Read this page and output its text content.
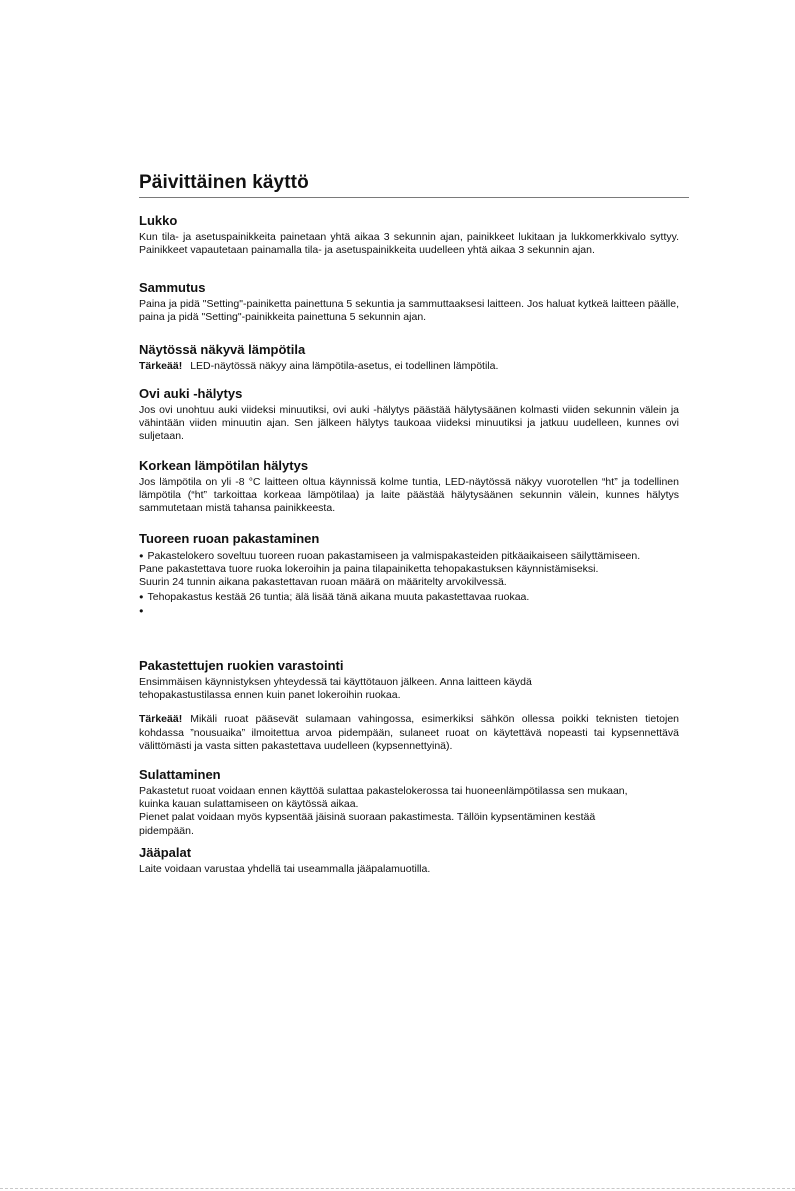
Päivittäinen käyttö
Lukko

Kun tila- ja asetuspainikkeita painetaan yhtä aikaa 3 sekunnin ajan, painikkeet lukitaan ja lukkomerkkivalo syttyy. Painikkeet vapautetaan painamalla tila- ja asetuspainikkeita uudelleen yhtä aikaa 3 sekunnin ajan.

Sammutus

Paina ja pidä "Setting"-painiketta painettuna 5 sekuntia ja sammuttaaksesi laitteen. Jos haluat kytkeä laitteen päälle, paina ja pidä "Setting"-painikkeita painettuna 5 sekunnin ajan.

Näytössä näkyvä lämpötila

Tärkeää! LED-näytössä näkyy aina lämpötila-asetus, ei todellinen lämpötila.

Ovi auki -hälytys

Jos ovi unohtuu auki viideksi minuutiksi, ovi auki -hälytys päästää hälytysäänen kolmasti viiden sekunnin välein ja vähintään viiden minuutin ajan. Sen jälkeen hälytys taukoaa viideksi minuutiksi ja jatkuu uudelleen, kunnes ovi suljetaan.

Korkean lämpötilan hälytys

Jos lämpötila on yli -8 °C laitteen oltua käynnissä kolme tuntia, LED-näytössä näkyy vuorotellen “ht” ja todellinen lämpötila (“ht” tarkoittaa korkeaa lämpötilaa) ja laite päästää hälytysäänen sekunnin välein, kunnes hälytys sammutetaan mistä tahansa painikkeesta.

Tuoreen ruoan pakastaminen

● Pakastelokero soveltuu tuoreen ruoan pakastamiseen ja valmispakasteiden pitkäaikaiseen säilyttämiseen.

Pane pakastettava tuore ruoka lokeroihin ja paina tilapainiketta tehopakastuksen käynnistämiseksi.

Suurin 24 tunnin aikana pakastettavan ruoan määrä on määritelty arvokilvessä.

● Tehopakastus kestää 26 tuntia; älä lisää tänä aikana muuta pakastettavaa ruokaa.

●

Pakastettujen ruokien varastointi

Ensimmäisen käynnistyksen yhteydessä tai käyttötauon jälkeen. Anna laitteen käydä tehopakastustilassa ennen kuin panet lokeroihin ruokaa.

Tärkeää! Mikäli ruoat pääsevät sulamaan vahingossa, esimerkiksi sähkön ollessa poikki teknisten tietojen kohdassa ”nousuaika” ilmoitettua arvoa pidempään, sulaneet ruoat on käytettävä nopeasti tai kypsennettävä välittömästi ja vasta sitten pakastettava uudelleen (kypsennettyinä).

Sulattaminen

Pakastetut ruoat voidaan ennen käyttöä sulattaa pakastelokerossa tai huoneenlämpötilassa sen mukaan, kuinka kauan sulattamiseen on käytössä aikaa.

Pienet palat voidaan myös kypsentää jäisinä suoraan pakastimesta. Tällöin kypsentäminen kestää pidempään.

Jääpalat

Laite voidaan varustaa yhdellä tai useammalla jääpalamuotilla.
